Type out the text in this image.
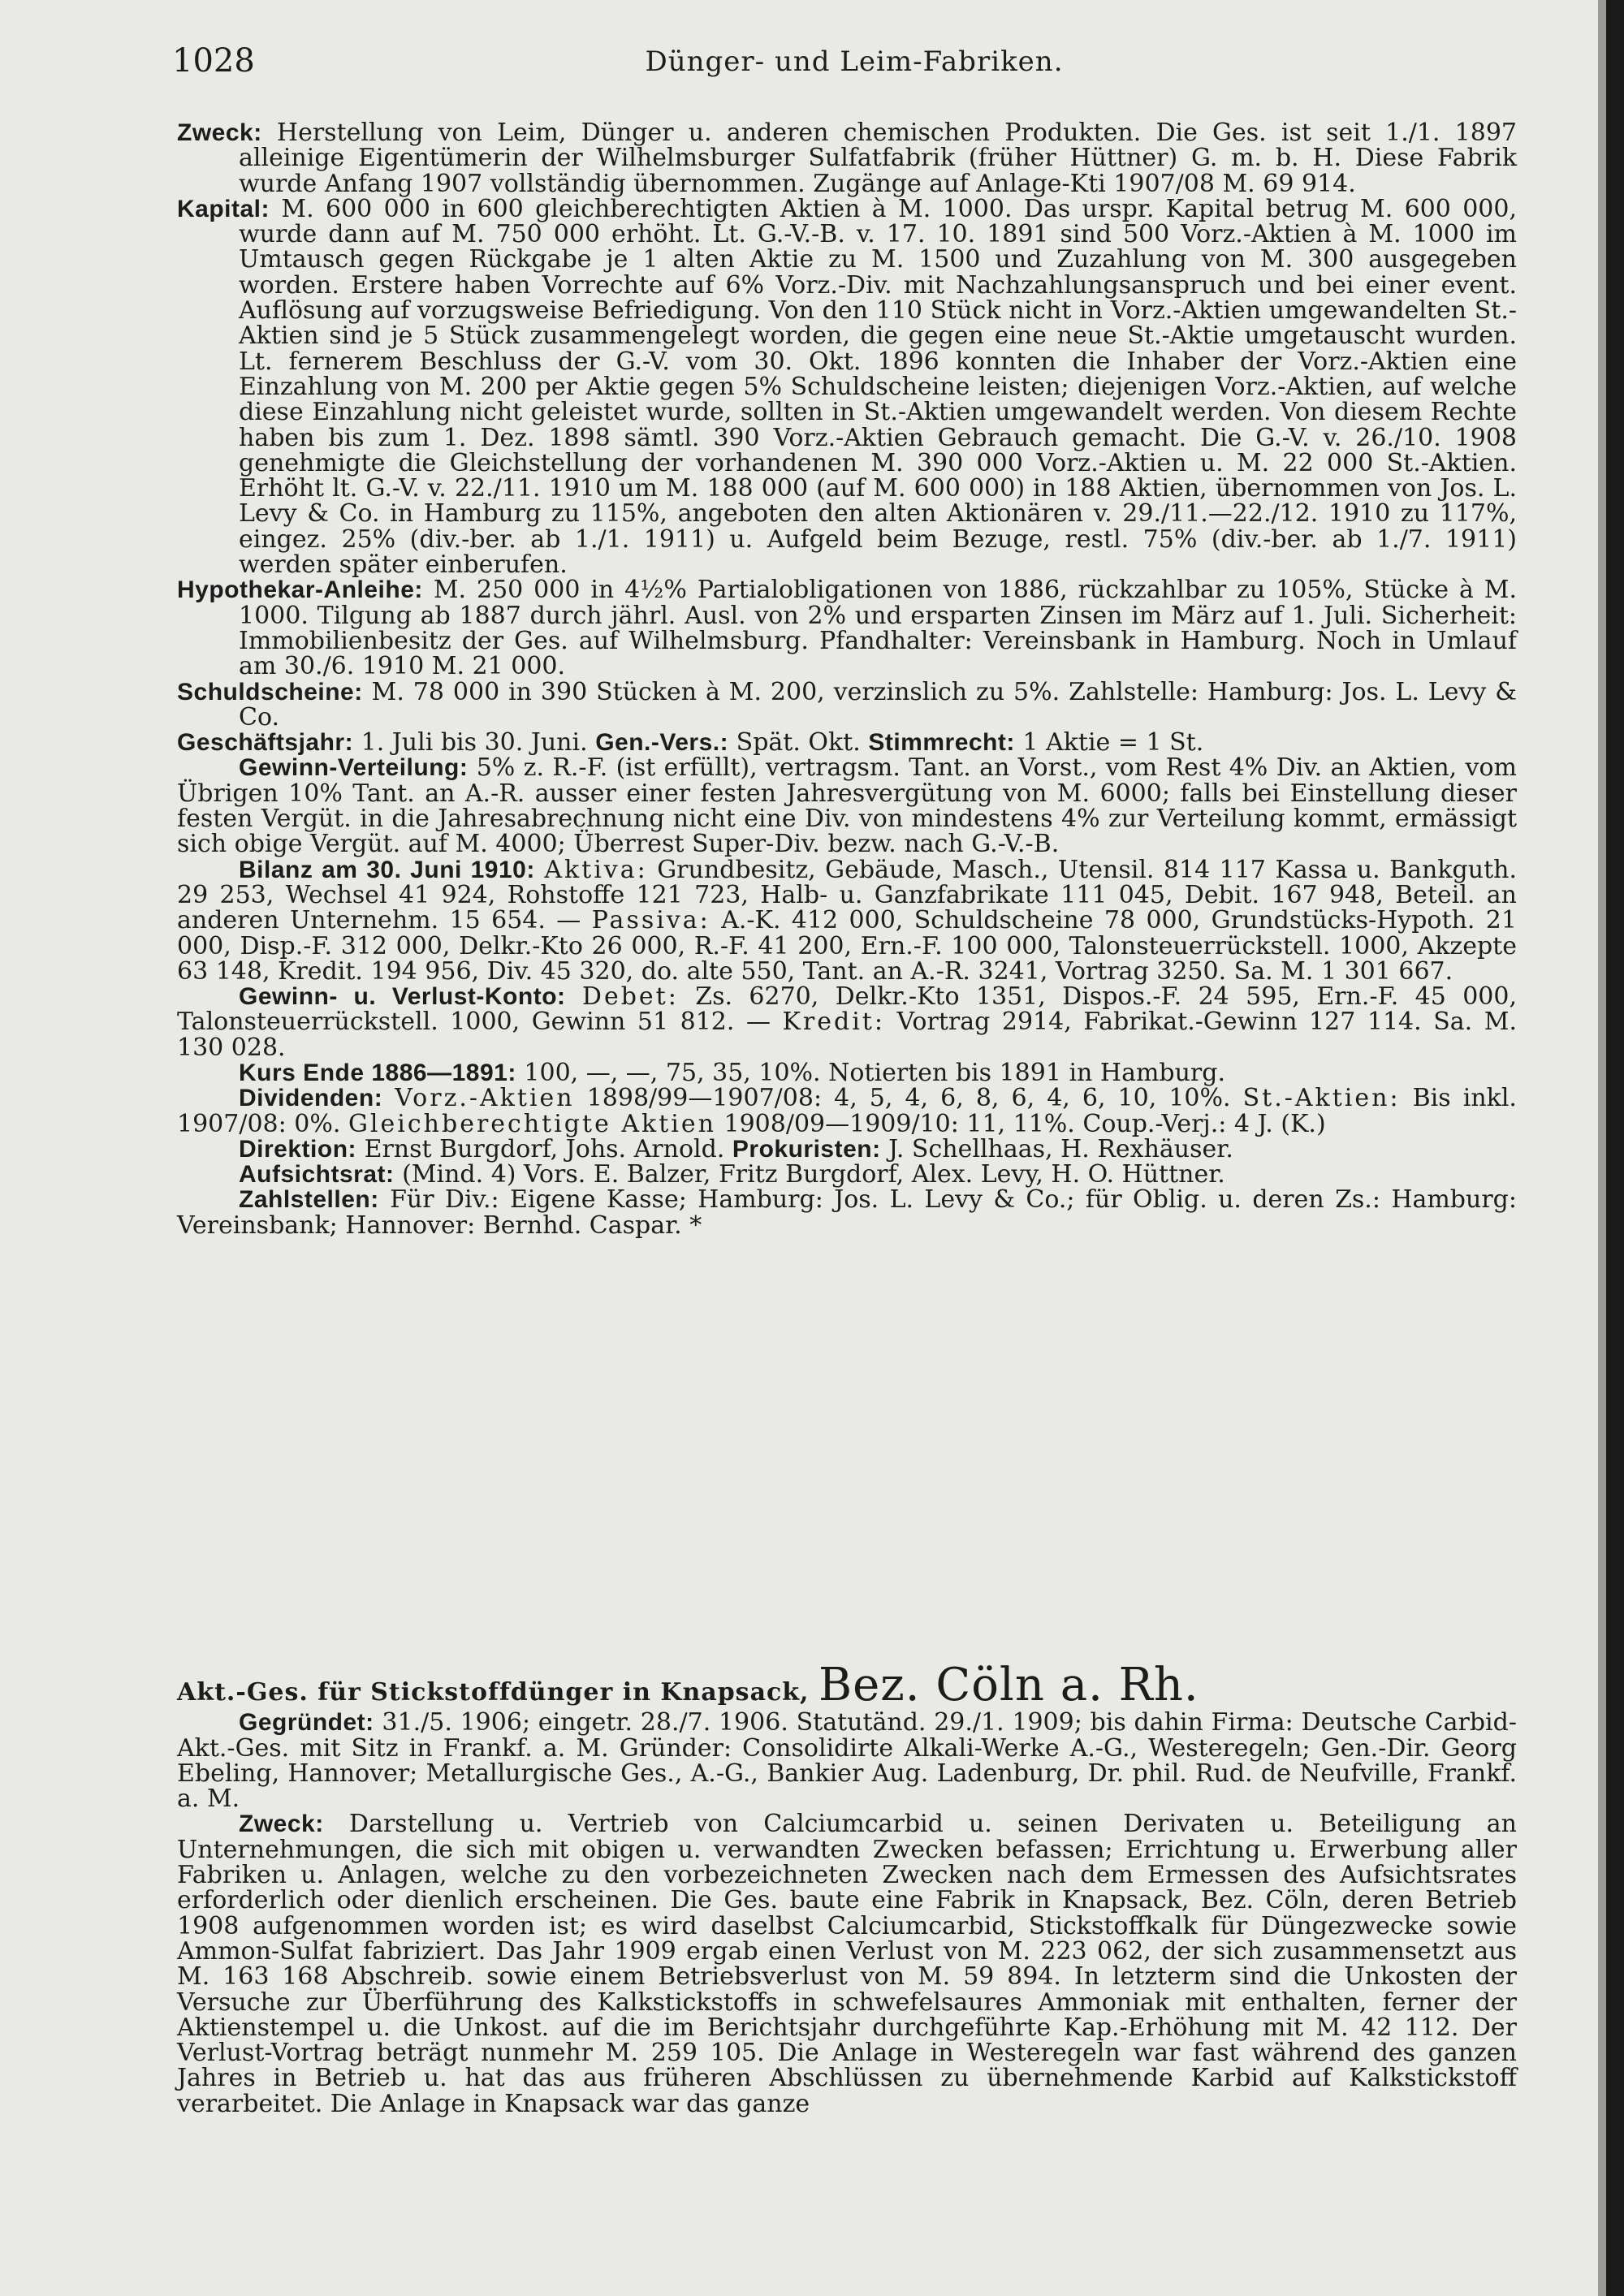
1028	Dünger- und Leim-Fabriken.

Zweck: Herstellung von Leim, Dünger u. anderen chemischen Produkten. Die Ges. ist seit 1./1. 1897 alleinige Eigentümerin der Wilhelmsburger Sulfatfabrik (früher Hüttner) G. m. b. H. Diese Fabrik wurde Anfang 1907 vollständig übernommen. Zugänge auf Anlage-Kti 1907/08 M. 69 914.

Kapital: M. 600 000 in 600 gleichberechtigten Aktien à M. 1000. Das urspr. Kapital betrug M. 600 000, wurde dann auf M. 750 000 erhöht. Lt. G.-V.-B. v. 17. 10. 1891 sind 500 Vorz.-Aktien à M. 1000 im Umtausch gegen Rückgabe je 1 alten Aktie zu M. 1500 und Zuzahlung von M. 300 ausgegeben worden. Erstere haben Vorrechte auf 6% Vorz.-Div. mit Nachzahlungsanspruch und bei einer event. Auflösung auf vorzugsweise Befriedigung. Von den 110 Stück nicht in Vorz.-Aktien umgewandelten St.-Aktien sind je 5 Stück zusammengelegt worden, die gegen eine neue St.-Aktie umgetauscht wurden. Lt. fernerem Beschluss der G.-V. vom 30. Okt. 1896 konnten die Inhaber der Vorz.-Aktien eine Einzahlung von M. 200 per Aktie gegen 5% Schuldscheine leisten; diejenigen Vorz.-Aktien, auf welche diese Einzahlung nicht geleistet wurde, sollten in St.-Aktien umgewandelt werden. Von diesem Rechte haben bis zum 1. Dez. 1898 sämtl. 390 Vorz.-Aktien Gebrauch gemacht. Die G.-V. v. 26./10. 1908 genehmigte die Gleichstellung der vorhandenen M. 390 000 Vorz.-Aktien u. M. 22 000 St.-Aktien. Erhöht lt. G.-V. v. 22./11. 1910 um M. 188 000 (auf M. 600 000) in 188 Aktien, übernommen von Jos. L. Levy & Co. in Hamburg zu 115%, angeboten den alten Aktionären v. 29./11.—22./12. 1910 zu 117%, eingez. 25% (div.-ber. ab 1./1. 1911) u. Aufgeld beim Bezuge, restl. 75% (div.-ber. ab 1./7. 1911) werden später einberufen.

Hypothekar-Anleihe: M. 250 000 in 4½% Partialobligationen von 1886, rückzahlbar zu 105%, Stücke à M. 1000. Tilgung ab 1887 durch jährl. Ausl. von 2% und ersparten Zinsen im März auf 1. Juli. Sicherheit: Immobilienbesitz der Ges. auf Wilhelmsburg. Pfandhalter: Vereinsbank in Hamburg. Noch in Umlauf am 30./6. 1910 M. 21 000.

Schuldscheine: M. 78 000 in 390 Stücken à M. 200, verzinslich zu 5%. Zahlstelle: Hamburg: Jos. L. Levy & Co.

Geschäftsjahr: 1. Juli bis 30. Juni. Gen.-Vers.: Spät. Okt. Stimmrecht: 1 Aktie = 1 St.

Gewinn-Verteilung: 5% z. R.-F. (ist erfüllt), vertragsm. Tant. an Vorst., vom Rest 4% Div. an Aktien, vom Übrigen 10% Tant. an A.-R. ausser einer festen Jahresvergütung von M. 6000; falls bei Einstellung dieser festen Vergüt. in die Jahresabrechnung nicht eine Div. von mindestens 4% zur Verteilung kommt, ermässigt sich obige Vergüt. auf M. 4000; Überrest Super-Div. bezw. nach G.-V.-B.

Bilanz am 30. Juni 1910: Aktiva: Grundbesitz, Gebäude, Masch., Utensil. 814 117 Kassa u. Bankguth. 29 253, Wechsel 41 924, Rohstoffe 121 723, Halb- u. Ganzfabrikate 111 045, Debit. 167 948, Beteil. an anderen Unternehm. 15 654. — Passiva: A.-K. 412 000, Schuldscheine 78 000, Grundstücks-Hypoth. 21 000, Disp.-F. 312 000, Delkr.-Kto 26 000, R.-F. 41 200, Ern.-F. 100 000, Talonsteuerrückstell. 1000, Akzepte 63 148, Kredit. 194 956, Div. 45 320, do. alte 550, Tant. an A.-R. 3241, Vortrag 3250. Sa. M. 1 301 667.

Gewinn- u. Verlust-Konto: Debet: Zs. 6270, Delkr.-Kto 1351, Dispos.-F. 24 595, Ern.-F. 45 000, Talonsteuerrückstell. 1000, Gewinn 51 812. — Kredit: Vortrag 2914, Fabrikat.-Gewinn 127 114. Sa. M. 130 028.

Kurs Ende 1886—1891: 100, —, —, 75, 35, 10%. Notierten bis 1891 in Hamburg.

Dividenden: Vorz.-Aktien 1898/99—1907/08: 4, 5, 4, 6, 8, 6, 4, 6, 10, 10%. St.-Aktien: Bis inkl. 1907/08: 0%. Gleichberechtigte Aktien 1908/09—1909/10: 11, 11%. Coup.-Verj.: 4 J. (K.)

Direktion: Ernst Burgdorf, Johs. Arnold. Prokuristen: J. Schellhaas, H. Rexhäuser.

Aufsichtsrat: (Mind. 4) Vors. E. Balzer, Fritz Burgdorf, Alex. Levy, H. O. Hüttner.

Zahlstellen: Für Div.: Eigene Kasse; Hamburg: Jos. L. Levy & Co.; für Oblig. u. deren Zs.: Hamburg: Vereinsbank; Hannover: Bernhd. Caspar. *

Akt.-Ges. für Stickstoffdünger in Knapsack, Bez. Cöln a. Rh.

Gegründet: 31./5. 1906; eingetr. 28./7. 1906. Statutänd. 29./1. 1909; bis dahin Firma: Deutsche Carbid-Akt.-Ges. mit Sitz in Frankf. a. M. Gründer: Consolidirte Alkali-Werke A.-G., Westeregeln; Gen.-Dir. Georg Ebeling, Hannover; Metallurgische Ges., A.-G., Bankier Aug. Ladenburg, Dr. phil. Rud. de Neufville, Frankf. a. M.

Zweck: Darstellung u. Vertrieb von Calciumcarbid u. seinen Derivaten u. Beteiligung an Unternehmungen, die sich mit obigen u. verwandten Zwecken befassen; Errichtung u. Erwerbung aller Fabriken u. Anlagen, welche zu den vorbezeichneten Zwecken nach dem Ermessen des Aufsichtsrates erforderlich oder dienlich erscheinen. Die Ges. baute eine Fabrik in Knapsack, Bez. Cöln, deren Betrieb 1908 aufgenommen worden ist; es wird daselbst Calciumcarbid, Stickstoffkalk für Düngezwecke sowie Ammon-Sulfat fabriziert. Das Jahr 1909 ergab einen Verlust von M. 223 062, der sich zusammensetzt aus M. 163 168 Abschreib. sowie einem Betriebsverlust von M. 59 894. In letzterm sind die Unkosten der Versuche zur Überführung des Kalkstickstoffs in schwefelsaures Ammoniak mit enthalten, ferner der Aktienstempel u. die Unkost. auf die im Berichtsjahr durchgeführte Kap.-Erhöhung mit M. 42 112. Der Verlust-Vortrag beträgt nunmehr M. 259 105. Die Anlage in Westeregeln war fast während des ganzen Jahres in Betrieb u. hat das aus früheren Abschlüssen zu übernehmende Karbid auf Kalkstickstoff verarbeitet. Die Anlage in Knapsack war das ganze
